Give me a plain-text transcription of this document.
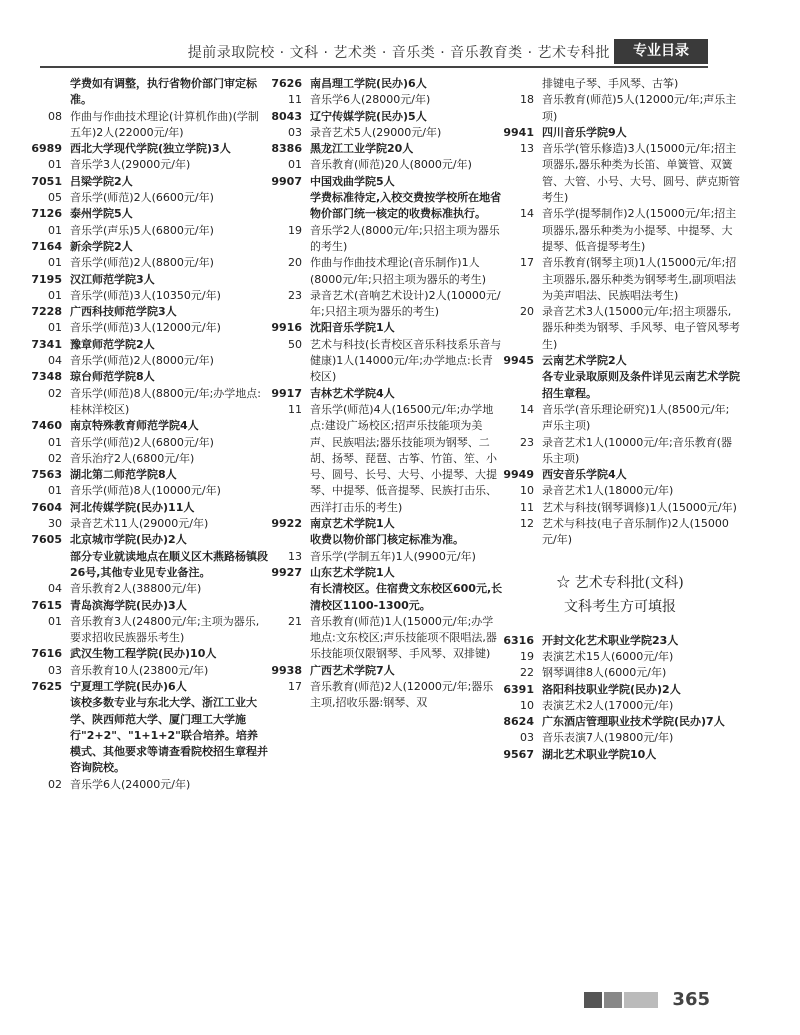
提前录取院校 · 文科 · 艺术类 · 音乐类 · 音乐教育类 · 艺术专科批	专业目录
学费如有调整，执行省物价部门审定标准。
08 作曲与作曲技术理论(计算机作曲)(学制五年)2人(22000元/年)
6989 西北大学现代学院(独立学院)3人
01 音乐学3人(29000元/年)
7051 吕梁学院2人
05 音乐学(师范)2人(6600元/年)
7126 泰州学院5人
01 音乐学(声乐)5人(6800元/年)
7164 新余学院2人
01 音乐学(师范)2人(8800元/年)
7195 汉江师范学院3人
01 音乐学(师范)3人(10350元/年)
7228 广西科技师范学院3人
01 音乐学(师范)3人(12000元/年)
7341 豫章师范学院2人
04 音乐学(师范)2人(8000元/年)
7348 琼台师范学院8人
02 音乐学(师范)8人(8800元/年;办学地点:桂林洋校区)
7460 南京特殊教育师范学院4人
01 音乐学(师范)2人(6800元/年)
02 音乐治疗2人(6800元/年)
7563 湖北第二师范学院8人
01 音乐学(师范)8人(10000元/年)
7604 河北传媒学院(民办)11人
30 录音艺术11人(29000元/年)
7605 北京城市学院(民办)2人
部分专业就读地点在顺义区木燕路杨镇段26号,其他专业见专业备注。
04 音乐教育2人(38800元/年)
7615 青岛滨海学院(民办)3人
01 音乐教育3人(24800元/年;主项为器乐,要求招收民族器乐考生)
7616 武汉生物工程学院(民办)10人
03 音乐教育10人(23800元/年)
7625 宁夏理工学院(民办)6人
该校多数专业与东北大学、浙江工业大学、陕西师范大学、厦门理工大学施行"2+2"、"1+1+2"联合培养。培养模式、其他要求等请查看院校招生章程并咨询院校。
02 音乐学6人(24000元/年)
7626 南昌理工学院(民办)6人
11 音乐学6人(28000元/年)
8043 辽宁传媒学院(民办)5人
03 录音艺术5人(29000元/年)
8386 黑龙江工业学院20人
01 音乐教育(师范)20人(8000元/年)
9907 中国戏曲学院5人
学费标准待定,入校交费按学校所在地省物价部门统一核定的收费标准执行。
19 音乐学2人(8000元/年;只招主项为器乐的考生)
20 作曲与作曲技术理论(音乐制作)1人(8000元/年;只招主项为器乐的考生)
23 录音艺术(音响艺术设计)2人(10000元/年;只招主项为器乐的考生)
9916 沈阳音乐学院1人
50 艺术与科技(长青校区音乐科技系乐音与健康)1人(14000元/年;办学地点:长青校区)
9917 吉林艺术学院4人
11 音乐学(师范)4人(16500元/年;办学地点:建设广场校区;招声乐技能项为美声、民族唱法;器乐技能项为钢琴、二胡、扬琴、琵琶、古筝、竹笛、笙、小号、圆号、长号、大号、小提琴、大提琴、中提琴、低音提琴、民族打击乐、西洋打击乐的考生)
9922 南京艺术学院1人
收费以物价部门核定标准为准。
13 音乐学(学制五年)1人(9900元/年)
9927 山东艺术学院1人
有长清校区。住宿费文东校区600元,长清校区1100-1300元。
21 音乐教育(师范)1人(15000元/年;办学地点:文东校区;声乐技能项不限唱法,器乐技能项仅限钢琴、手风琴、双排键)
9938 广西艺术学院7人
17 音乐教育(师范)2人(12000元/年;器乐主项,招收乐器:钢琴、双
排键电子琴、手风琴、古筝)
18 音乐教育(师范)5人(12000元/年;声乐主项)
9941 四川音乐学院9人
13 音乐学(管乐修造)3人(15000元/年;招主项器乐,器乐种类为长笛、单簧管、双簧管、大管、小号、大号、圆号、萨克斯管考生)
14 音乐学(提琴制作)2人(15000元/年;招主项器乐,器乐种类为小提琴、中提琴、大提琴、低音提琴考生)
17 音乐教育(钢琴主项)1人(15000元/年;招主项器乐,器乐种类为钢琴考生,副项唱法为美声唱法、民族唱法考生)
20 录音艺术3人(15000元/年;招主项器乐,器乐种类为钢琴、手风琴、电子管风琴考生)
9945 云南艺术学院2人
各专业录取原则及条件详见云南艺术学院招生章程。
14 音乐学(音乐理论研究)1人(8500元/年;声乐主项)
23 录音艺术1人(10000元/年;音乐教育(器乐主项)
9949 西安音乐学院4人
10 录音艺术1人(18000元/年)
11 艺术与科技(钢琴调修)1人(15000元/年)
12 艺术与科技(电子音乐制作)2人(15000元/年)
☆ 艺术专科批(文科)
文科考生方可填报
6316 开封文化艺术职业学院23人
19 表演艺术15人(6000元/年)
22 钢琴调律8人(6000元/年)
6391 洛阳科技职业学院(民办)2人
10 表演艺术2人(17000元/年)
8624 广东酒店管理职业技术学院(民办)7人
03 音乐表演7人(19800元/年)
9567 湖北艺术职业学院10人
365
